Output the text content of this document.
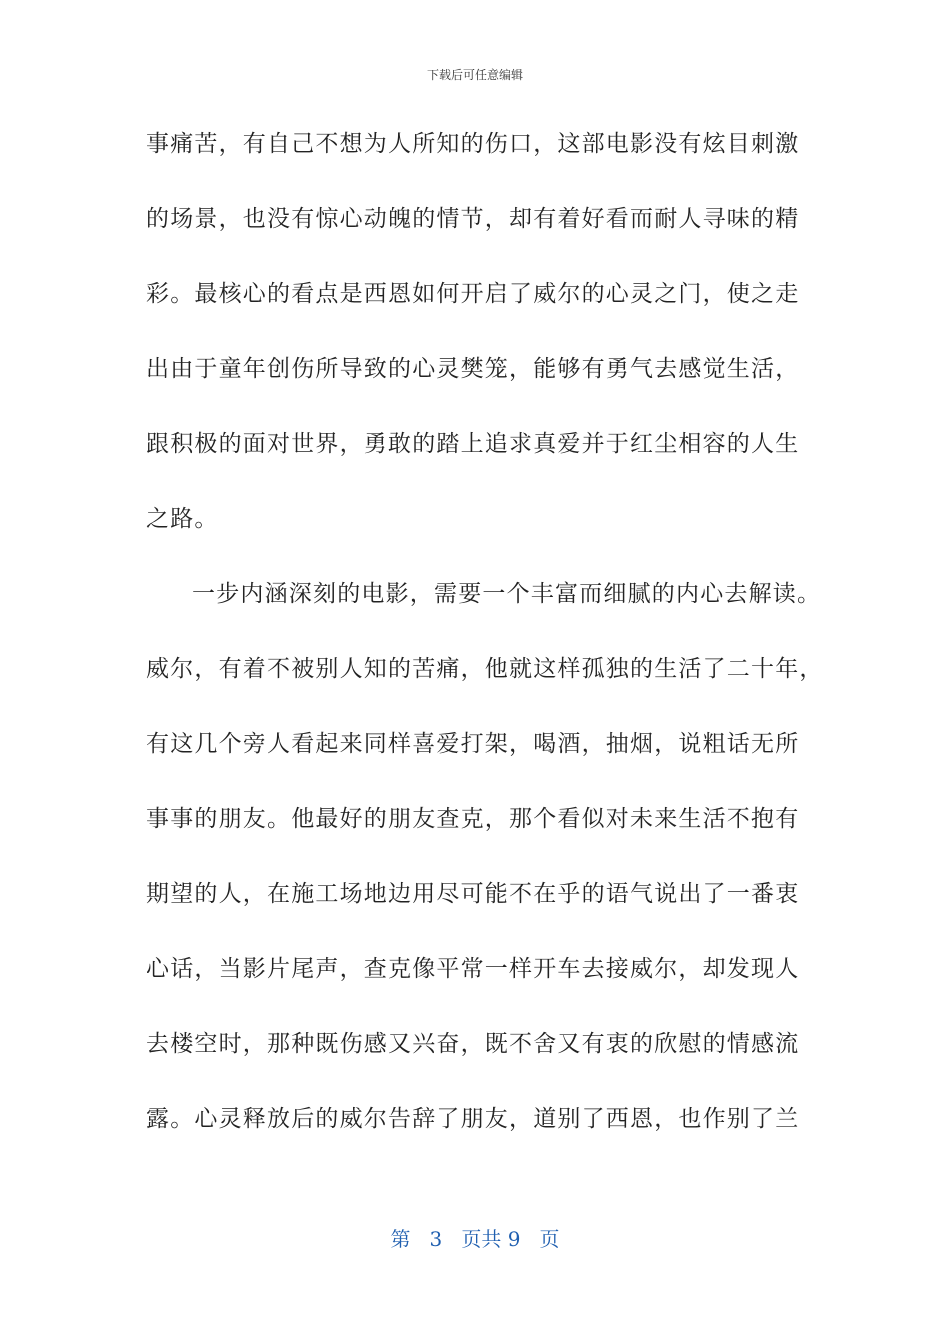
下载后可任意编辑
事痛苦，有自己不想为人所知的伤口，这部电影没有炫目刺激
的场景，也没有惊心动魄的情节，却有着好看而耐人寻味的精
彩。最核心的看点是西恩如何开启了威尔的心灵之门，使之走
出由于童年创伤所导致的心灵樊笼，能够有勇气去感觉生活，
跟积极的面对世界，勇敢的踏上追求真爱并于红尘相容的人生
之路。
一步内涵深刻的电影，需要一个丰富而细腻的内心去解读。
威尔，有着不被别人知的苦痛，他就这样孤独的生活了二十年，
有这几个旁人看起来同样喜爱打架，喝酒，抽烟，说粗话无所
事事的朋友。他最好的朋友查克，那个看似对未来生活不抱有
期望的人，在施工场地边用尽可能不在乎的语气说出了一番衷
心话，当影片尾声，查克像平常一样开车去接威尔，却发现人
去楼空时，那种既伤感又兴奋，既不舍又有衷的欣慰的情感流
露。心灵释放后的威尔告辞了朋友，道别了西恩，也作别了兰
第 3 页共 9 页
